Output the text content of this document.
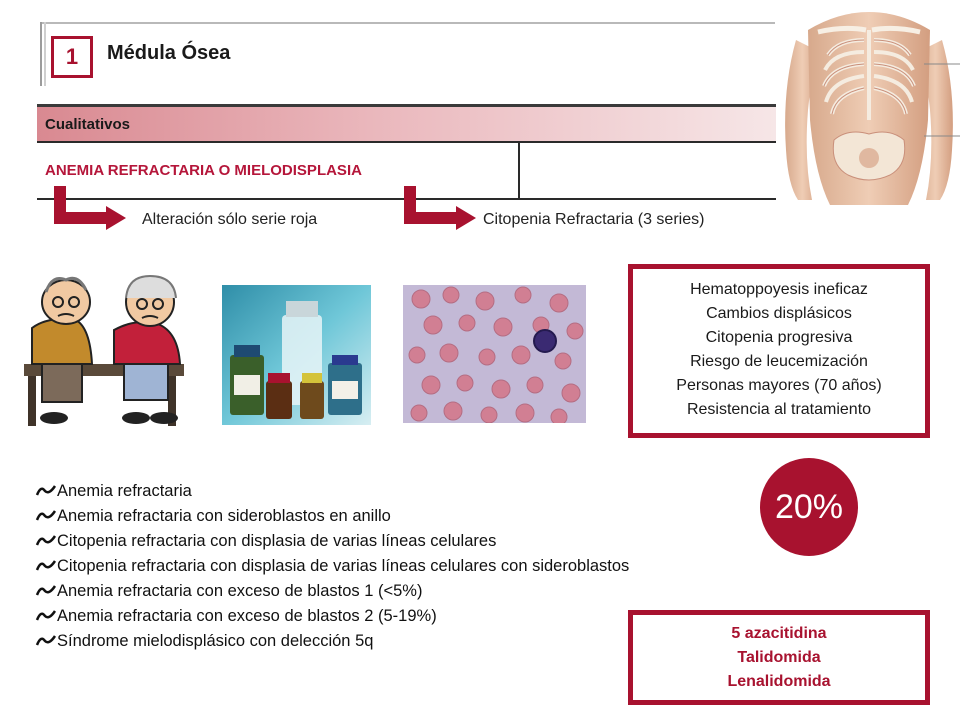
1	Médula Ósea
Cualitativos
ANEMIA REFRACTARIA O MIELODISPLASIA
Alteración sólo serie roja	Citopenia Refractaria (3 series)
Hematoppoyesis ineficaz
Cambios displásicos
Citopenia progresiva
Riesgo de leucemización
Personas mayores (70 años)
Resistencia al tratamiento
20%
Anemia refractaria
Anemia refractaria con sideroblastos en anillo
Citopenia refractaria con displasia de varias líneas celulares
Citopenia refractaria con displasia de varias líneas celulares con sideroblastos
Anemia refractaria con exceso de blastos 1 (<5%)
Anemia refractaria con exceso de blastos 2 (5-19%)
Síndrome mielodisplásico con delección 5q	5 azacitidina
Talidomida
Lenalidomida
